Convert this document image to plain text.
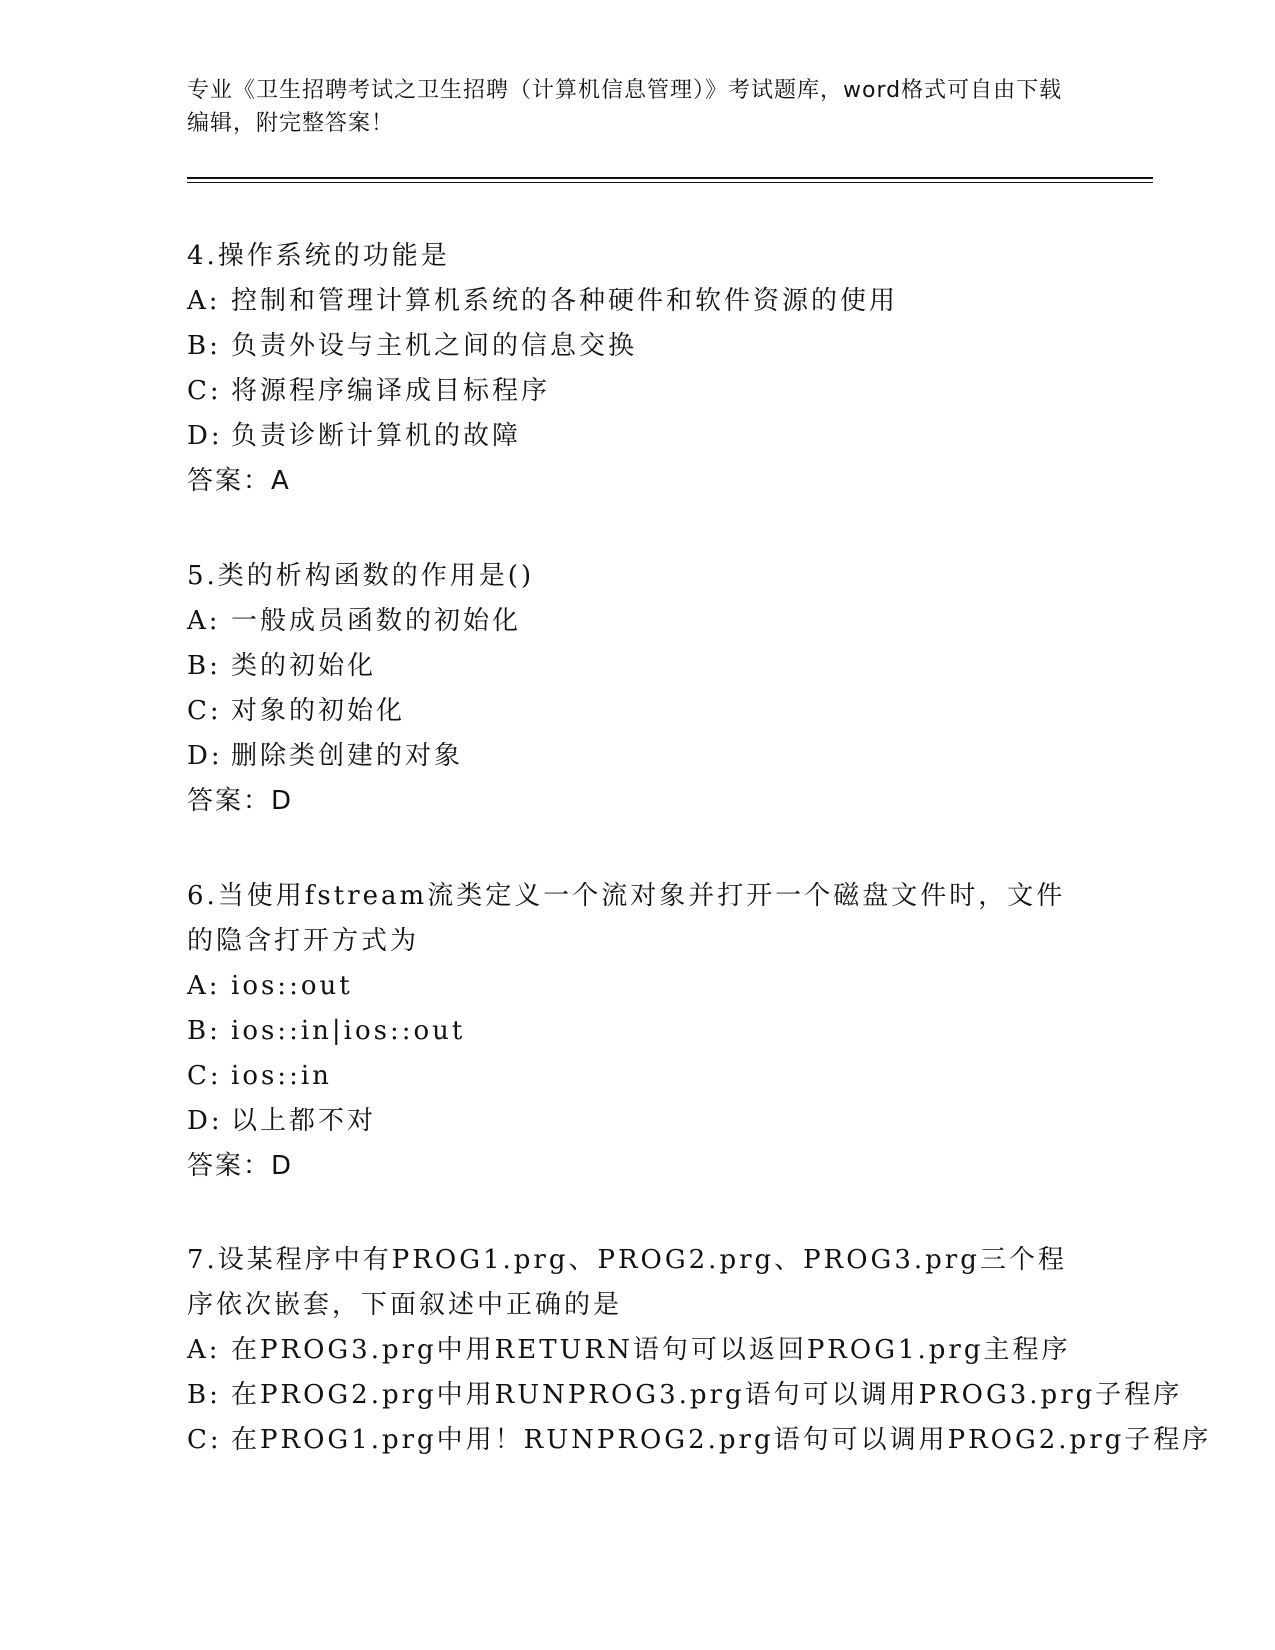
专业《卫生招聘考试之卫生招聘（计算机信息管理）》考试题库，word格式可自由下载编辑，附完整答案！
4.操作系统的功能是
A: 控制和管理计算机系统的各种硬件和软件资源的使用
B: 负责外设与主机之间的信息交换
C: 将源程序编译成目标程序
D: 负责诊断计算机的故障
答案：A
5.类的析构函数的作用是()
A: 一般成员函数的初始化
B: 类的初始化
C: 对象的初始化
D: 删除类创建的对象
答案：D
6.当使用fstream流类定义一个流对象并打开一个磁盘文件时，文件的隐含打开方式为
A: ios::out
B: ios::in|ios::out
C: ios::in
D: 以上都不对
答案：D
7.设某程序中有PROG1.prg、PROG2.prg、PROG3.prg三个程序依次嵌套，下面叙述中正确的是
A: 在PROG3.prg中用RETURN语句可以返回PROG1.prg主程序
B: 在PROG2.prg中用RUNPROG3.prg语句可以调用PROG3.prg子程序
C: 在PROG1.prg中用！RUNPROG2.prg语句可以调用PROG2.prg子程序
